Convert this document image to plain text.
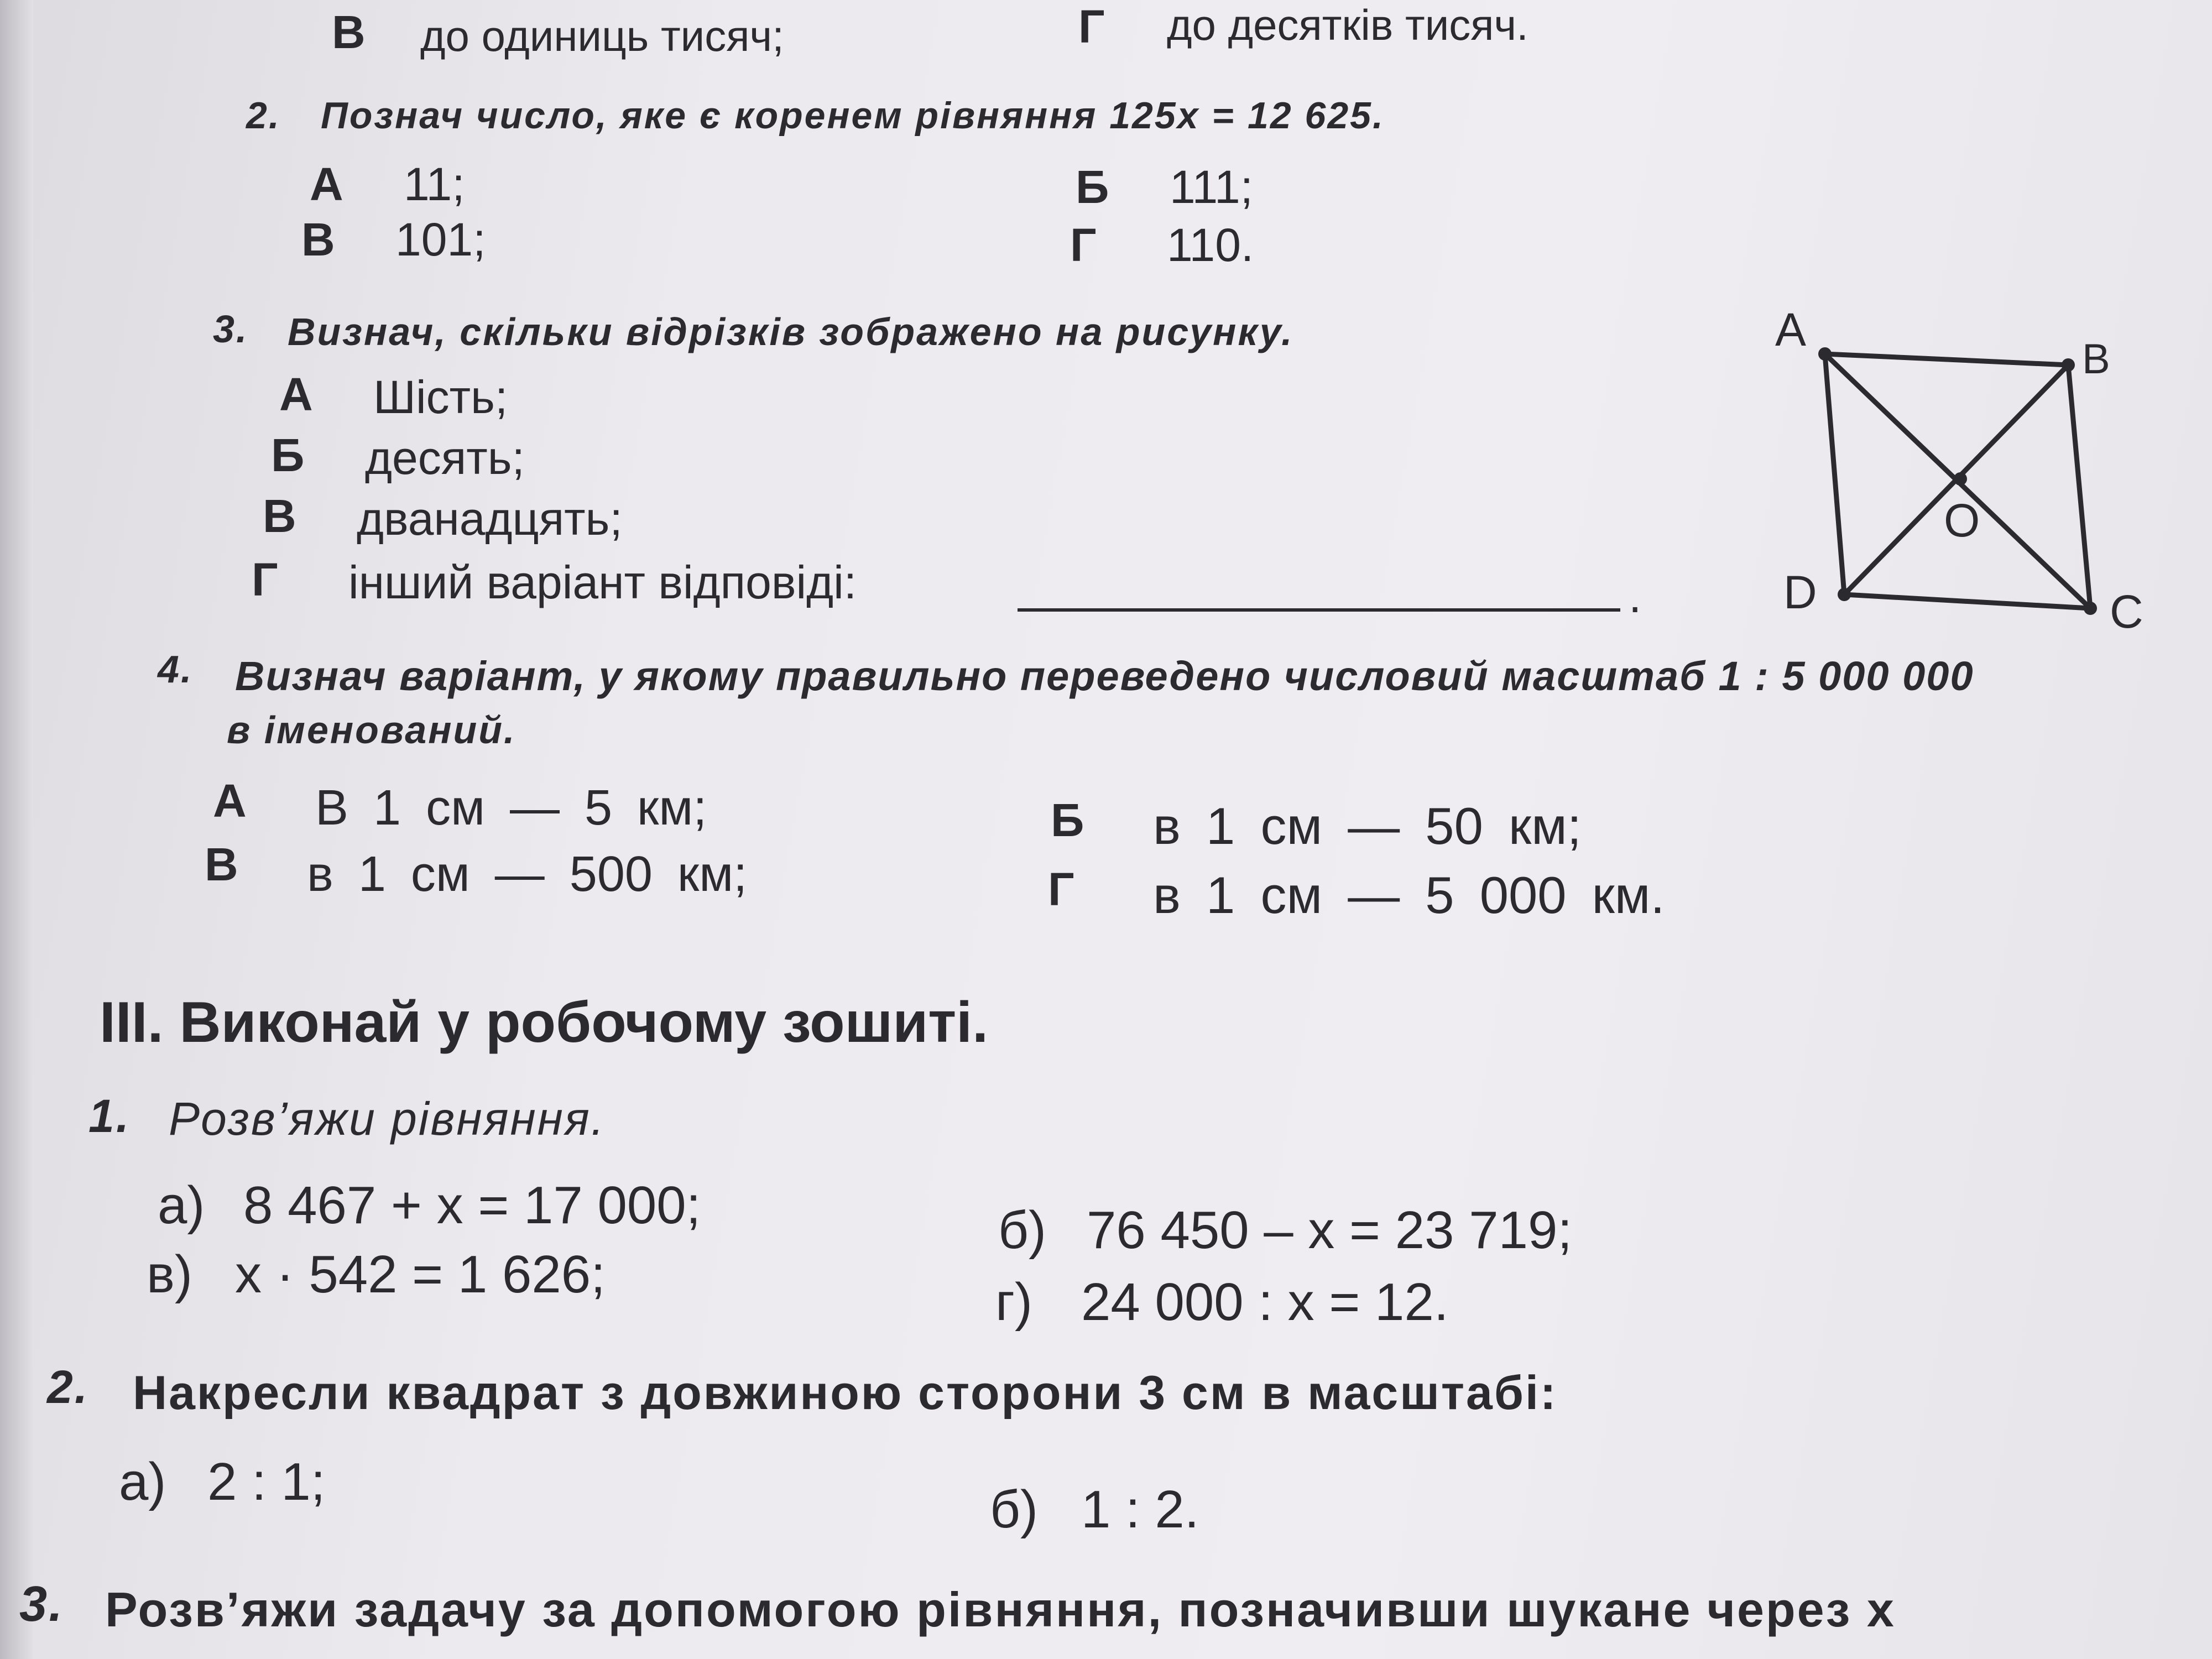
В до одиниць тисяч;	Г до десятків тисяч.
2. Познач число, яке є коренем рівняння 125x = 12 625.
А 11;	Б 111;
В 101;	Г 110.
3. Визнач, скільки відрізків зображено на рисунку.
А Шість;
Б десять;
В дванадцять;
Г інший варіант відповіді:	.
A
B
C
D
O
4. Визнач варіант, у якому правильно переведено числовий масштаб 1 : 5 000 000
в іменований.
А В 1 см — 5 км;	Б в 1 см — 50 км;
В в 1 см — 500 км;	Г в 1 см — 5 000 км.
III. Виконай у робочому зошиті.
1. Розв’яжи рівняння.
а) 8 467 + x = 17 000;	б) 76 450 – x = 23 719;
в) x · 542 = 1 626;	г) 24 000 : x = 12.
2. Накресли квадрат з довжиною сторони 3 см в масштабі:
а) 2 : 1;	б) 1 : 2.
3. Розв’яжи задачу за допомогою рівняння, позначивши шукане через x
